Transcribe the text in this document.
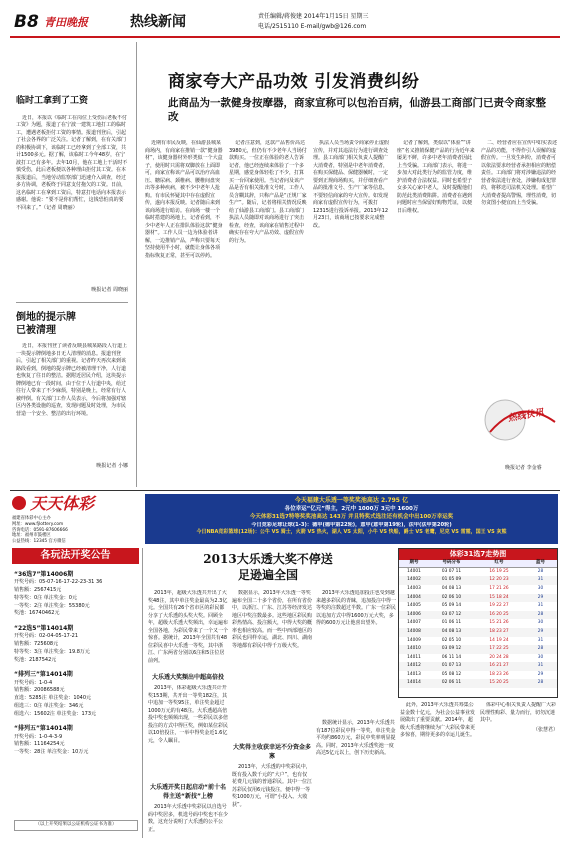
B8 青田晚报	热线新闻	责任编辑/蒋俊建 2014年1月15日 星期三
电话/2515110 E-mail/gwb@126.com
临时工拿到了工资

近日，本报以《临时工在岗位上受伤后老板不付工资》为题，报道了在宁波一建筑工地打工的临时工，遭遇老板拒付工资的事情。报道刊登后，引起了社会各界的广泛关注。记者了解到，在有关部门的积极协调下，该临时工已经拿到了全部工资，共计1500多元。据了解，该临时工今年48岁，在宁波打工已有多年。去年10月，他在工地上干活时不慎受伤，此后老板便以各种理由拒付其工资。在本报报道后，当地劳动监察部门迅速介入调查，经过多方协调，老板终于同意支付拖欠的工资。日前，这名临时工在拿到工资后，特意打电话向本报表示感谢。他说：“要不是你们帮忙，这钱恐怕真的要不回来了。”（记者 周晓丽）

晚报记者 周晓丽
倒地的提示牌
已被清理

近日，本报刊登了读者反映县城某路段人行道上一块提示牌倒地多日无人清理的消息。报道刊登后，引起了相关部门的重视。记者昨天再次来到该路段看到，倒地的提示牌已经被清理干净，人行道也恢复了往日的整洁。据附近居民介绍，这块提示牌倒地已有一段时间，由于位于人行道中央，给过往行人带来了不少麻烦，特别是晚上，经常有行人被绊倒。有关部门工作人员表示，今后将加强对辖区内各类设施的巡查，发现问题及时处理，为市民营造一个安全、整洁的出行环境。

晚报记者 小娜
商家夸大产品功效 引发消费纠纷
此商品为一款健身按摩器，商家宣称可以包治百病，仙游县工商部门已责令商家整改

近期有市民反映，在仙游县城某商场内，有商家在推销一款“健身器材”，该健身器材外形类似一个大盒子，使用时只需将双脚放在上面即可，商家宣称该产品可以治疗高血压、糖尿病、颈椎病、腰椎间盘突出等多种疾病，被不少中老年人抢购。有市民怀疑其中存在虚假宣传，遂向本报反映。记者随后来到该商场进行暗访。在商场一楼一个临时搭建的场地上，记者看到，不少中老年人正在排队体验这款“健身器材”。工作人员一边为体验者讲解，一边推销产品，声称只要每天坚持使用半小时，就能让身体各项指标恢复正常，甚至可以停药。

记者注意到，这款产品售价高达3980元，但仍有不少老年人当场付款购买。一位正在体验的老人告诉记者，他已经连续来体验了一个多星期，感觉身体轻松了不少，打算买一台回家使用。当记者问及该产品是否有相关批准文号时，工作人员含糊其辞，只称产品是“正规厂家生产”。随后，记者将相关情况反映给了仙游县工商部门。县工商部门执法人员随即对该商场进行了突击检查，经查，该商家在销售过程中确实存在夸大产品功效、虚假宣传的行为。

执法人员当场责令商家停止虚假宣传，并对其违法行为进行调查处理。县工商部门相关负责人提醒广大消费者，特别是中老年消费者，在购买保健品、保健器械时，一定要到正规商场购买，并仔细查看产品的批准文号、生产厂家等信息，不要轻信商家的夸大宣传。如发现商家有虚假宣传行为，可拨打12315进行投诉举报。2013年12月23日，该商场已按要求完成整改。

记者了解到，类似以“体验”“讲座”名义推销保健产品的行为近年来屡见不鲜，许多中老年消费者因此上当受骗。工商部门表示，将进一步加大对此类行为的监管力度，维护消费者合法权益。同时也希望子女多关心家中老人，及时提醒他们防范此类消费陷阱。消费者在遇到问题时应当保留好购物凭证，以便日后维权。

二、经营者应在宣传中如实表述产品的功能，不得作引人误解的虚假宣传。一旦发生纠纷，消费者可以依法要求经营者承担相应的赔偿责任。工商部门将对涉嫌违法的经营者依法进行查处，涉嫌构成犯罪的，将移送司法机关处理。希望广大消费者提高警惕，理性消费，切勿贪图小便宜而上当受骗。

热线快讯
晚报记者 李金睿
天天体彩
福建省体彩中心主办
网址：www.fjlottery.com
咨询电话：0591-87606666
地址：福州市鼓楼区
公益热线：12345 官方微信
今天福建大乐透一等奖奖池高达 2.795 亿
各位幸运“亿元”得主，2元中 1000万 3元中 1600万
今天体彩31选7特等奖奖池高达 143万 并且特奖式选注还有机会中出100万幸运奖
今日竞彩足球让球(1-3)：德甲(德甲第22轮)，意甲(意甲第19轮)，法甲(法甲第20轮)
今日NBA竞彩篮球(12场)：公牛 VS 骑士，火箭 VS 热火，湖人 VS 太阳，小牛 VS 快船，爵士 VS 老鹰，尼克 VS 雷霆，国王 VS 灰熊
各玩法开奖公告
“36选7”第14006期
开奖号码：05-07-16-17-22-23-31 36
销售额：2567415元
特等奖：0注 单注奖金：0元
一等奖：2注 单注奖金：55380元
奖池：16740462元
“22选5”第14014期
开奖号码：02-04-05-17-21
销售额：725608元
特等奖：3注 单注奖金：19.8万元
奖池：2187542元
“排列三”第14014期
开奖号码：1-0-4
销售额：20086588元
直选：5285注 单注奖金：1040元
组选三：0注 单注奖金：346元
组选六：15602注 单注奖金：173元
“排列五”第14014期
开奖号码：1-0-4-3-9
销售额：11164254元
一等奖：28注 单注奖金：10万元
（以上开奖结果以公证机构公证书为准）
2013大乐透大奖不停送
足逊遍全国

2013年，超级大乐透共开出了大奖48注，其中单注奖金最高为2.3亿元。全国共有26个省市区的彩民都分享了大乐透的头奖大奖。回顾全年，超级大乐透大奖频出，幸运遍布全国各地，为彩民带来了一个又一个惊喜。据统计，2013年全国共有48位彩民喜中大乐透一等奖，其中浙江、广东两省分别以6注和5注位居前列。

大乐透大奖频出中超高倍投

2013年，体彩超级大乐透共计开奖153期，共开出一等奖182注，其中追加一等奖95注，单注奖金超过1000万元的有48注。大乐透超高倍投中奖也频频出现，一些彩民以多倍投注的方式中得巨奖，例如某位彩民以10倍投注，一举中得奖金近1.6亿元，令人瞩目。

大乐透开奖日起启动“前十名得主送“新技”上榜

2013年大乐透中奖彩民以自选号码中奖居多，机选号码中奖也不在少数，这充分说明了大乐透的公平公正。

数据显示，2013年大乐透一等奖遍布全国二十多个省份，在所有省份中，以浙江、广东、江苏等经济发达地区中奖注数最多。这些地区彩民购彩热情高、投注额大，中得大奖的概率也相应较高。而一些中西部地区的彩民也同样幸运，湖北、四川、湖南等地都有彩民中得千万级大奖。

大奖得主收获幸运不分资金多寡

2013年，大乐透的中奖彩民中，既有投入数千元的“大户”，也有仅花费几元钱的普通彩民。其中一位江苏彩民仅用6元钱投注，便中得一等奖1000万元，可谓“小投入、大收获”。

2013年大乐透追加投注也受到越来越多彩民的青睐，追加投注中得一等奖的注数超过半数。广东一位彩民以追加方式中得1600万元大奖，多得的600万元让他喜出望外。

数据统计显示，2013年大乐透共有187位彩民中得一等奖，单注奖金平均约860万元，彩民中奖率明显提高。同时，2013年大乐透奖池一度高达5亿元以上，创下历史新高。

体彩31选7走势图
期号	号码分布	红号	蓝号
14001	03 07 11	16 19 25	28
14002	01 05 09	12 20 23	31
14003	04 08 13	17 21 26	30
14004	02 06 10	15 18 24	29
14005	05 09 14	19 22 27	31
14006	03 07 12	16 20 25	28
14007	01 06 11	15 21 26	30
14008	04 08 13	18 23 27	29
14009	02 05 10	14 19 24	31
14010	03 09 12	17 22 25	28
14011	06 11 14	20 24 28	30
14012	01 07 13	16 21 27	31
14013	05 08 12	18 23 26	29
14014	02 06 11	15 20 25	28

此外，2013年大乐透共筹集公益金数十亿元，为社会公益事业发展做出了重要贡献。2014年，超级大乐透将继续为广大彩民带来更多惊喜，期待更多的幸运儿诞生。

体彩中心相关负责人提醒广大彩民理性购彩、量力而行，切勿沉迷其中。

（张慧君）
